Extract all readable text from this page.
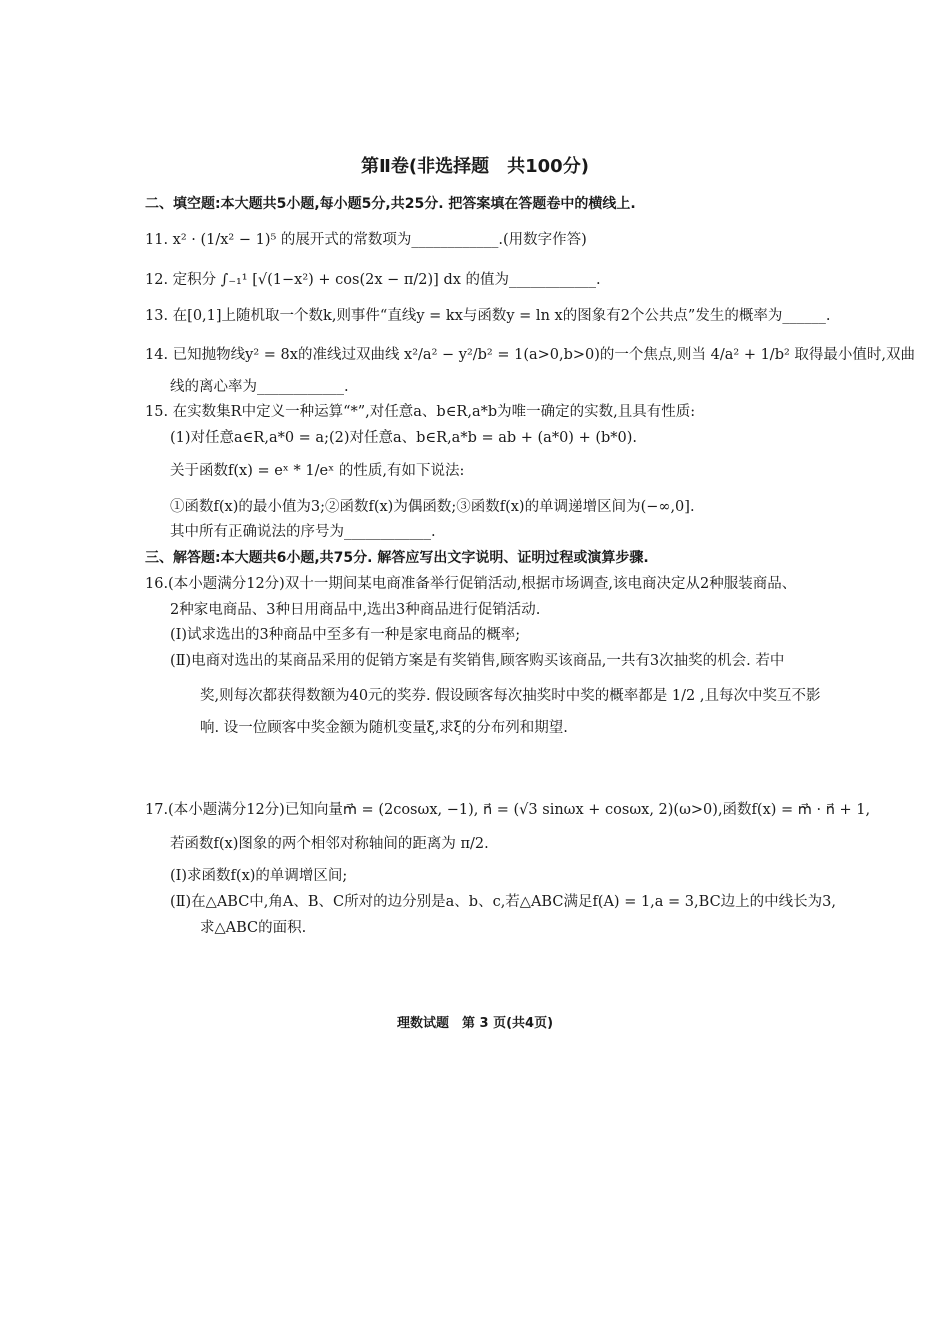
第Ⅱ卷(非选择题　共100分)
二、填空题:本大题共5小题,每小题5分,共25分. 把答案填在答题卷中的横线上.
11. x² · (1/x² − 1)⁵ 的展开式的常数项为____________.(用数字作答)
12. 定积分 ∫₋₁¹ [√(1−x²) + cos(2x − π/2)] dx 的值为____________.
13. 在[0,1]上随机取一个数k,则事件“直线y = kx与函数y = ln x的图象有2个公共点”发生的概率为______.
14. 已知抛物线y² = 8x的准线过双曲线 x²/a² − y²/b² = 1(a>0,b>0)的一个焦点,则当 4/a² + 1/b² 取得最小值时,双曲
线的离心率为____________.
15. 在实数集R中定义一种运算“*”,对任意a、b∈R,a*b为唯一确定的实数,且具有性质:
(1)对任意a∈R,a*0 = a;(2)对任意a、b∈R,a*b = ab + (a*0) + (b*0).
关于函数f(x) = eˣ * 1/eˣ 的性质,有如下说法:
①函数f(x)的最小值为3;②函数f(x)为偶函数;③函数f(x)的单调递增区间为(−∞,0].
其中所有正确说法的序号为____________.
三、解答题:本大题共6小题,共75分. 解答应写出文字说明、证明过程或演算步骤.
16.(本小题满分12分)双十一期间某电商准备举行促销活动,根据市场调查,该电商决定从2种服装商品、
2种家电商品、3种日用商品中,选出3种商品进行促销活动.
(Ⅰ)试求选出的3种商品中至多有一种是家电商品的概率;
(Ⅱ)电商对选出的某商品采用的促销方案是有奖销售,顾客购买该商品,一共有3次抽奖的机会. 若中
奖,则每次都获得数额为40元的奖券. 假设顾客每次抽奖时中奖的概率都是 1/2 ,且每次中奖互不影
响. 设一位顾客中奖金额为随机变量ξ,求ξ的分布列和期望.
17.(本小题满分12分)已知向量m⃗ = (2cosωx, −1), n⃗ = (√3 sinωx + cosωx, 2)(ω>0),函数f(x) = m⃗ · n⃗ + 1,
若函数f(x)图象的两个相邻对称轴间的距离为 π/2.
(Ⅰ)求函数f(x)的单调增区间;
(Ⅱ)在△ABC中,角A、B、C所对的边分别是a、b、c,若△ABC满足f(A) = 1,a = 3,BC边上的中线长为3,
求△ABC的面积.
理数试题　第 3 页(共4页)
